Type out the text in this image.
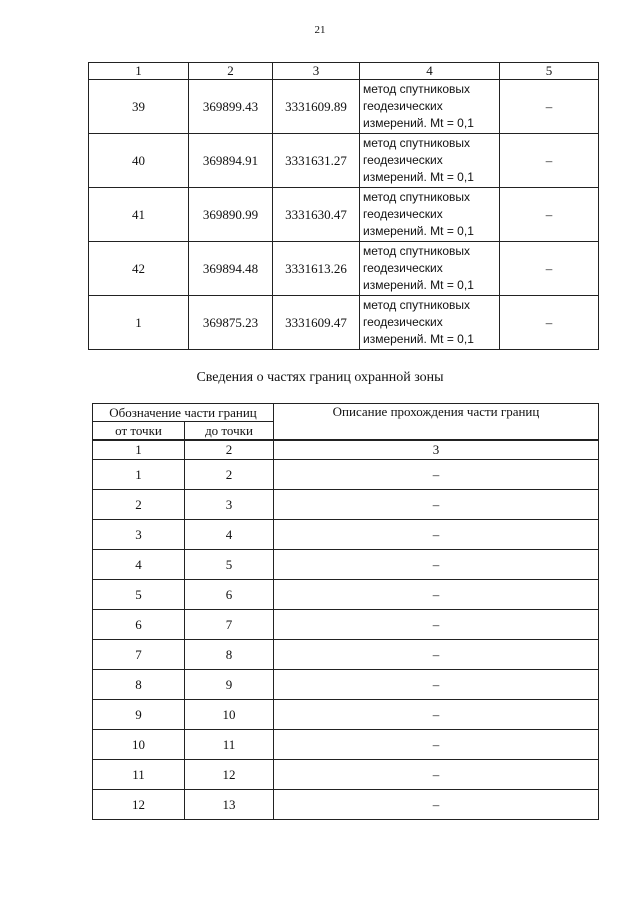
21
1	2	3	4	5
39	369899.43	3331609.89	метод спутниковых
геодезических
измерений. Mt = 0,1	–
40	369894.91	3331631.27	метод спутниковых
геодезических
измерений. Mt = 0,1	–
41	369890.99	3331630.47	метод спутниковых
геодезических
измерений. Mt = 0,1	–
42	369894.48	3331613.26	метод спутниковых
геодезических
измерений. Mt = 0,1	–
1	369875.23	3331609.47	метод спутниковых
геодезических
измерений. Mt = 0,1	–
Сведения о частях границ охранной зоны
Обозначение части границ		Описание прохождения части границ
от точки	до точки	
1	2	3
1	2	–
2	3	–
3	4	–
4	5	–
5	6	–
6	7	–
7	8	–
8	9	–
9	10	–
10	11	–
11	12	–
12	13	–
